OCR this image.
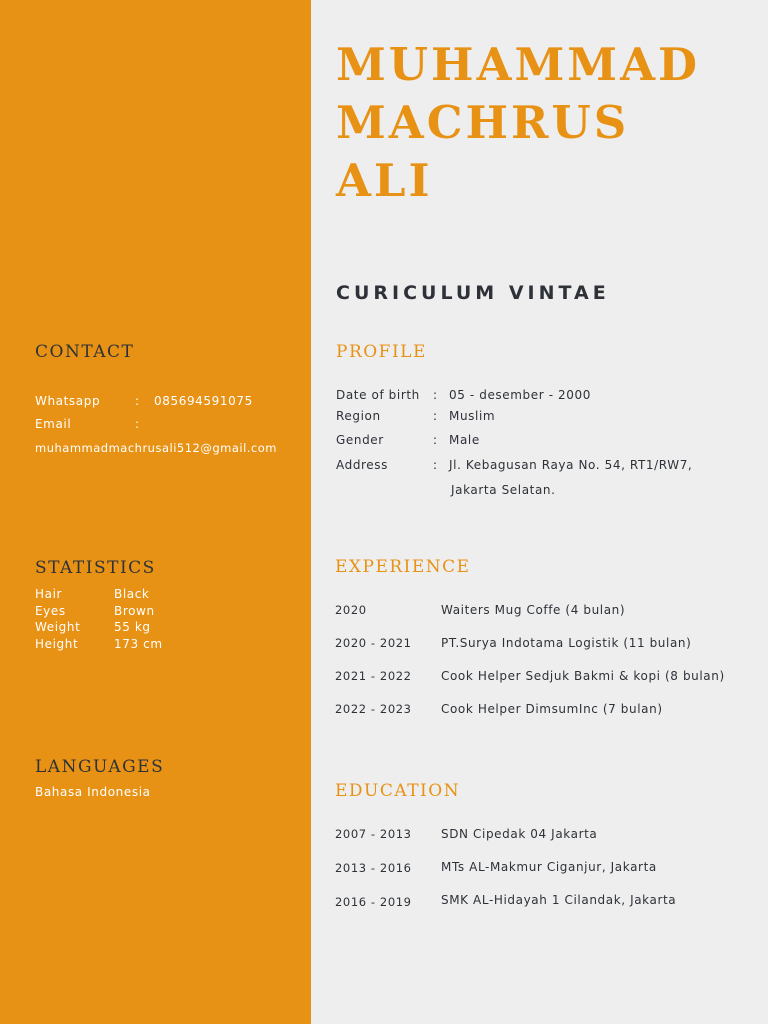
MUHAMMAD
MACHRUS
ALI
CURICULUM VINTAE
CONTACT
Whatsapp	: 085694591075
Email	:
muhammadmachrusali512@gmail.com
STATISTICS
Hair	Black
Eyes	Brown
Weight	55 kg
Height	173 cm
LANGUAGES
Bahasa Indonesia
PROFILE
Date of birth : 05 - desember - 2000
Region	: Muslim
Gender	: Male
Address	: Jl. Kebagusan Raya No. 54, RT1/RW7,
Jakarta Selatan.
EXPERIENCE
2020	Waiters Mug Coffe (4 bulan)
2020 - 2021 PT.Surya Indotama Logistik (11 bulan)
2021 - 2022 Cook Helper Sedjuk Bakmi & kopi (8 bulan)
2022 - 2023 Cook Helper DimsumInc (7 bulan)
EDUCATION
2007 - 2013 SDN Cipedak 04 Jakarta
2013 - 2016 MTs AL-Makmur Ciganjur, Jakarta
2016 - 2019 SMK AL-Hidayah 1 Cilandak, Jakarta
